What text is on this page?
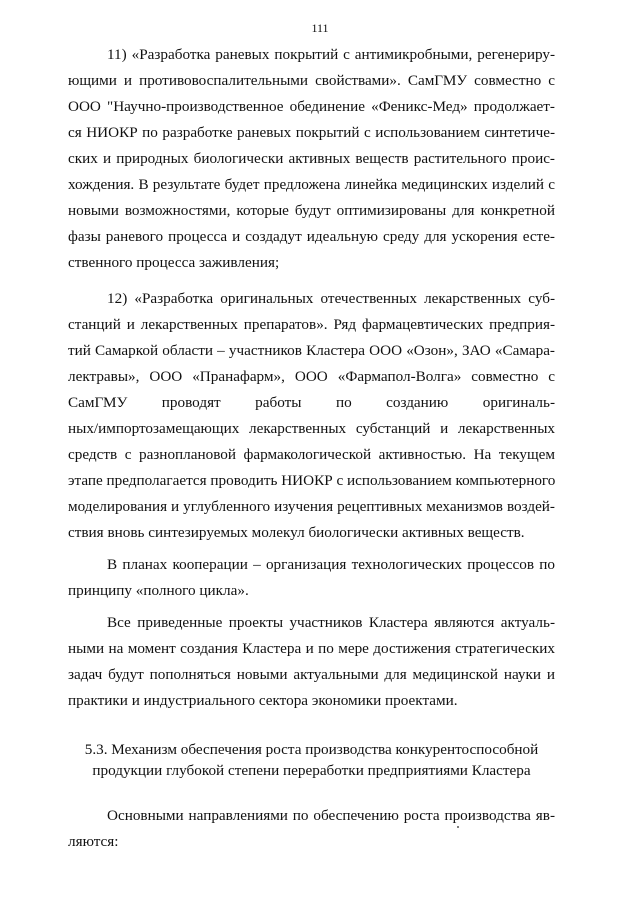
111
11) «Разработка раневых покрытий с антимикробными, регенериру-
ющими и противовоспалительными свойствами». СамГМУ совместно с
ООО "Научно-производственное обединение «Феникс-Мед» продолжает-
ся НИОКР по разработке раневых покрытий с использованием синтетиче-
ских и природных биологически активных веществ растительного проис-
хождения. В результате будет предложена линейка медицинских изделий с
новыми возможностями, которые будут оптимизированы для конкретной
фазы раневого процесса и создадут идеальную среду для ускорения есте-
ственного процесса заживления;
12) «Разработка оригинальных отечественных лекарственных суб-
станций и лекарственных препаратов». Ряд фармацевтических предприя-
тий Самаркой области – участников Кластера ООО «Озон», ЗАО «Самара-
лектравы», ООО «Пранафарм», ООО «Фармапол-Волга» совместно с
СамГМУ проводят работы по созданию оригиналь-
ных/импортозамещающих лекарственных субстанций и лекарственных
средств с разноплановой фармакологической активностью. На текущем
этапе предполагается проводить НИОКР с использованием компьютерного
моделирования и углубленного изучения рецептивных механизмов воздей-
ствия вновь синтезируемых молекул биологически активных веществ.
В планах кооперации – организация технологических процессов по
принципу «полного цикла».
Все приведенные проекты участников Кластера являются актуаль-
ными на момент создания Кластера и по мере достижения стратегических
задач будут пополняться новыми актуальными для медицинской науки и
практики и индустриального сектора экономики проектами.
5.3. Механизм обеспечения роста производства конкурентоспособной
продукции глубокой степени переработки предприятиями Кластера
Основными направлениями по обеспечению роста производства яв-
ляются:
